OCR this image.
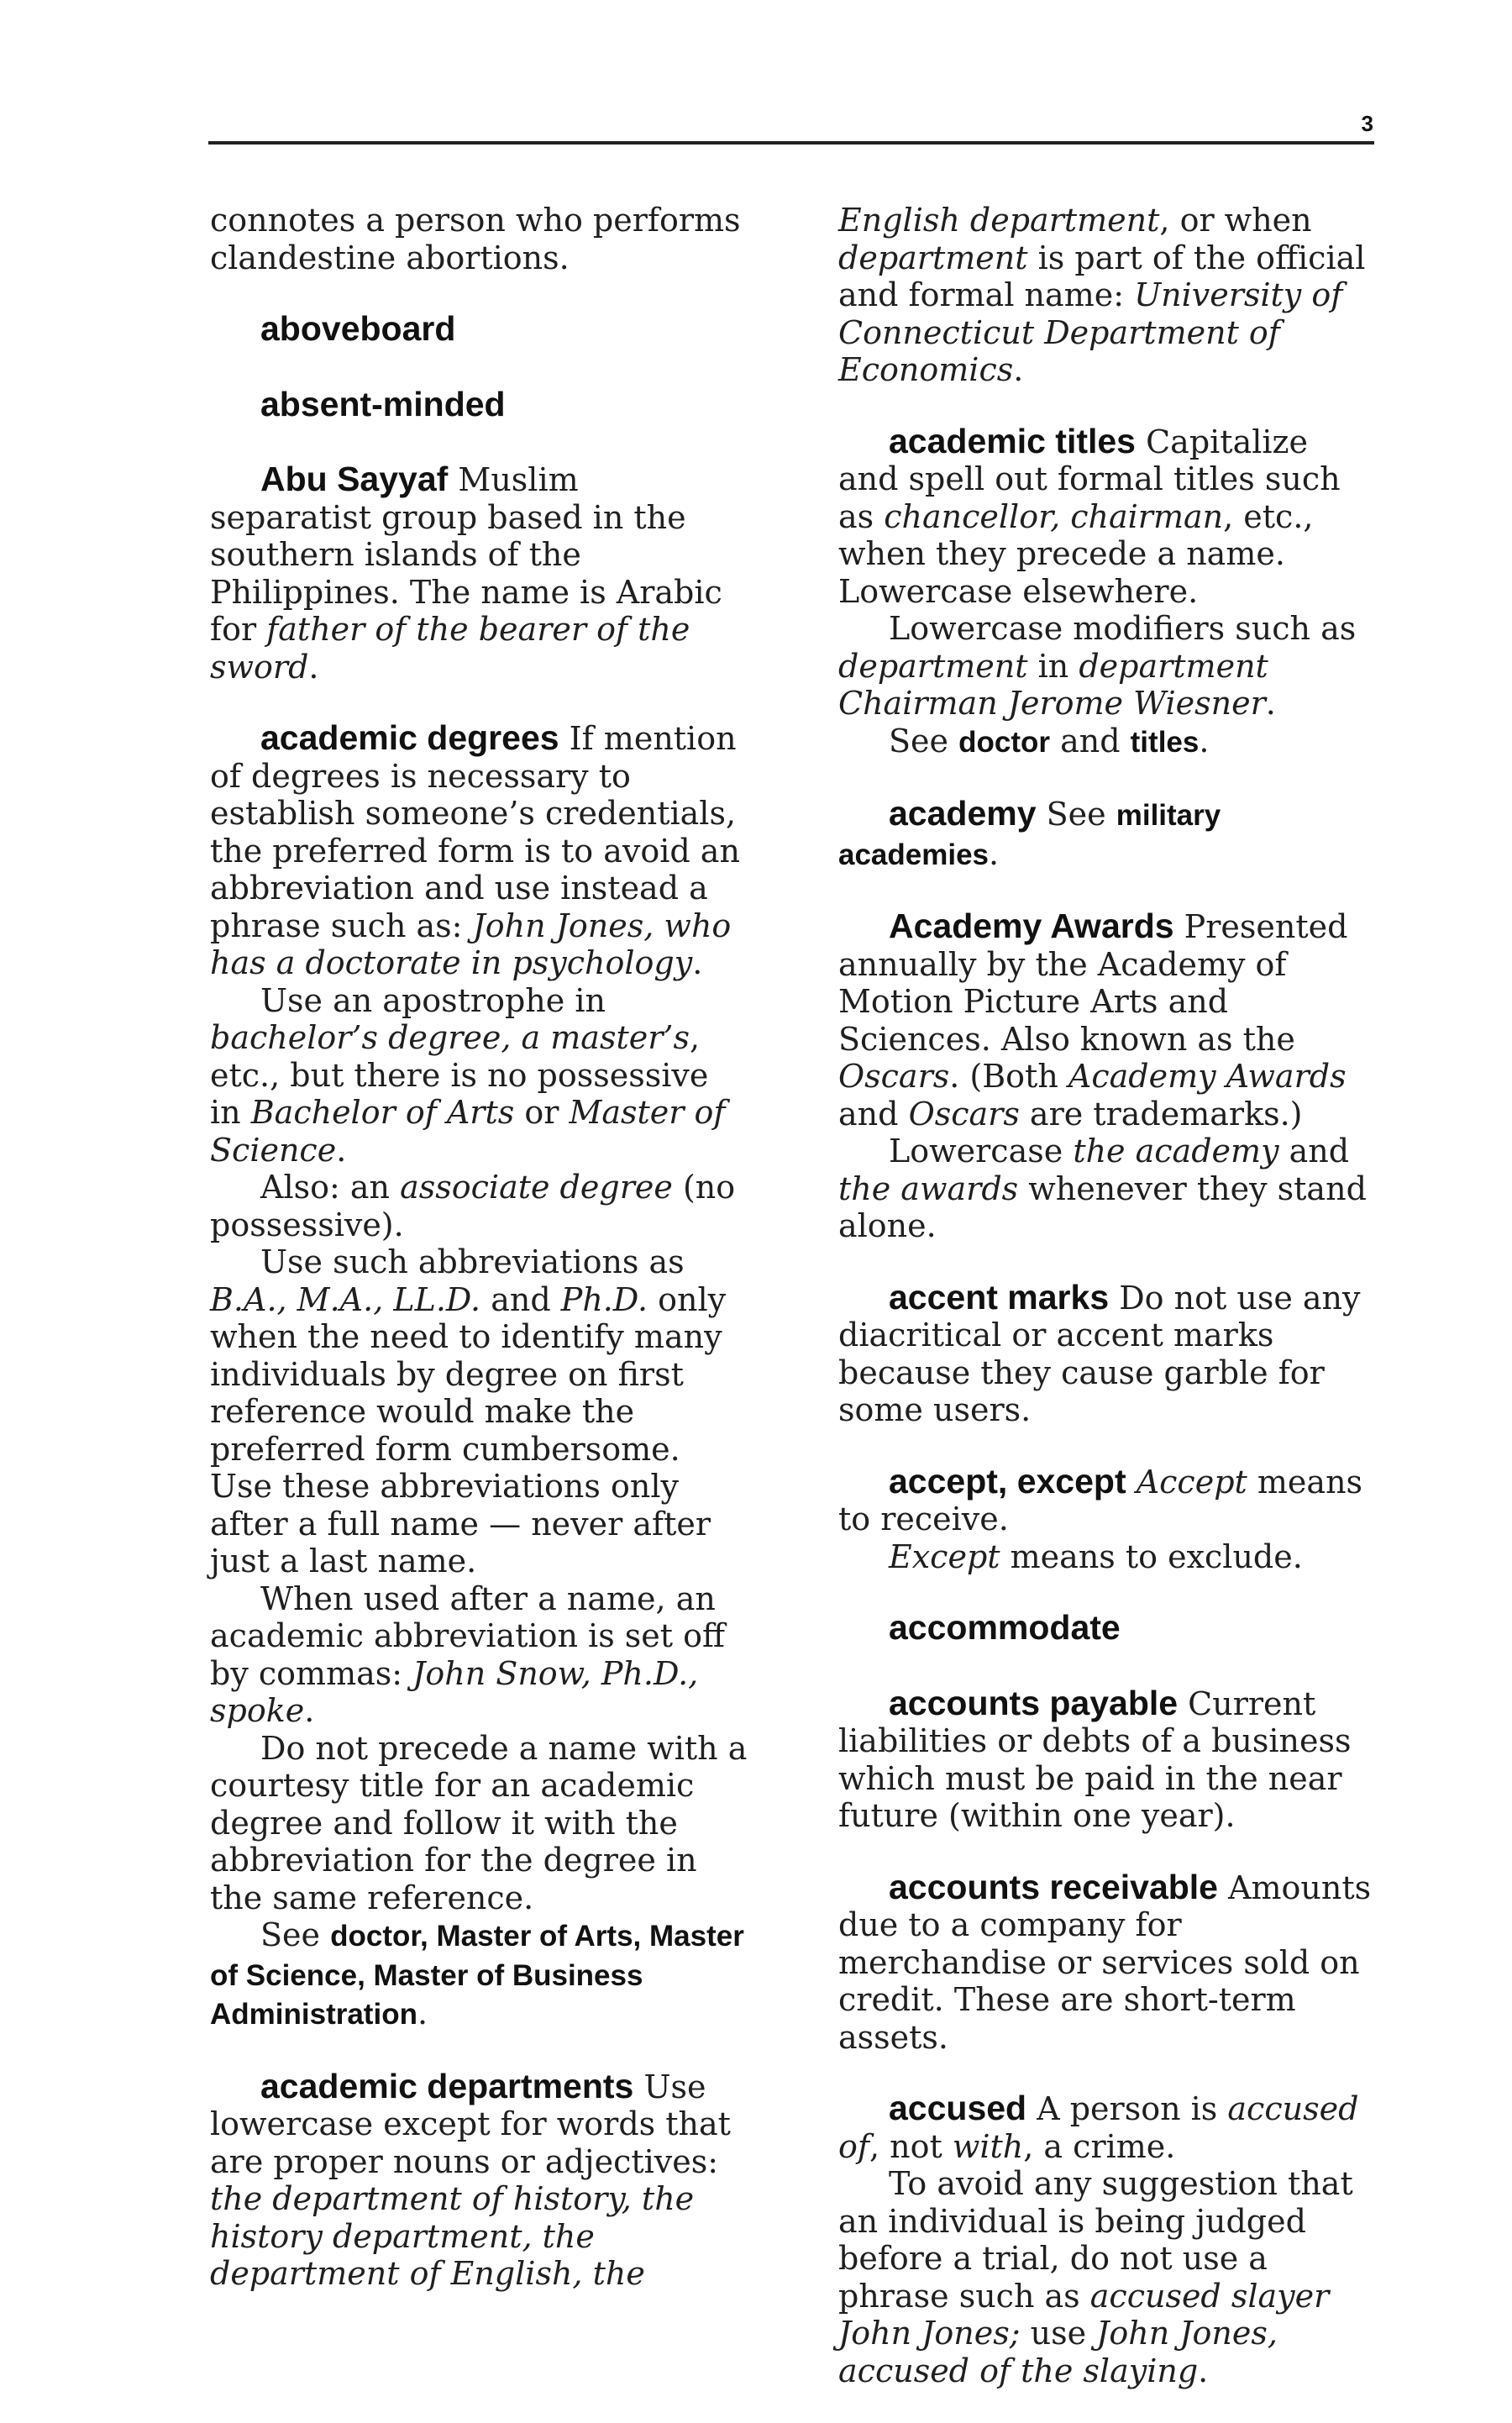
3

connotes a person who performs clandestine abortions.

aboveboard

absent-minded

Abu Sayyaf Muslim separatist group based in the southern islands of the Philippines. The name is Arabic for father of the bearer of the sword.

academic degrees If mention of degrees is necessary to establish someone’s credentials, the preferred form is to avoid an abbreviation and use instead a phrase such as: John Jones, who has a doctorate in psychology.

Use an apostrophe in bachelor’s degree, a master’s, etc., but there is no possessive in Bachelor of Arts or Master of Science.

Also: an associate degree (no possessive).

Use such abbreviations as B.A., M.A., LL.D. and Ph.D. only when the need to identify many individuals by degree on first reference would make the preferred form cumbersome. Use these abbreviations only after a full name — never after just a last name.

When used after a name, an academic abbreviation is set off by commas: John Snow, Ph.D., spoke.

Do not precede a name with a courtesy title for an academic degree and follow it with the abbreviation for the degree in the same reference.

See doctor, Master of Arts, Master of Science, Master of Business Administration.

academic departments Use lowercase except for words that are proper nouns or adjectives: the department of history, the history department, the department of English, the

English department, or when department is part of the official and formal name: University of Connecticut Department of Economics.

academic titles Capitalize and spell out formal titles such as chancellor, chairman, etc., when they precede a name. Lowercase elsewhere.

Lowercase modifiers such as department in department Chairman Jerome Wiesner.

See doctor and titles.

academy See military academies.

Academy Awards Presented annually by the Academy of Motion Picture Arts and Sciences. Also known as the Oscars. (Both Academy Awards and Oscars are trademarks.)

Lowercase the academy and the awards whenever they stand alone.

accent marks Do not use any diacritical or accent marks because they cause garble for some users.

accept, except Accept means to receive.

Except means to exclude.

accommodate

accounts payable Current liabilities or debts of a business which must be paid in the near future (within one year).

accounts receivable Amounts due to a company for merchandise or services sold on credit. These are short-term assets.

accused A person is accused of, not with, a crime.

To avoid any suggestion that an individual is being judged before a trial, do not use a phrase such as accused slayer John Jones; use John Jones, accused of the slaying.
